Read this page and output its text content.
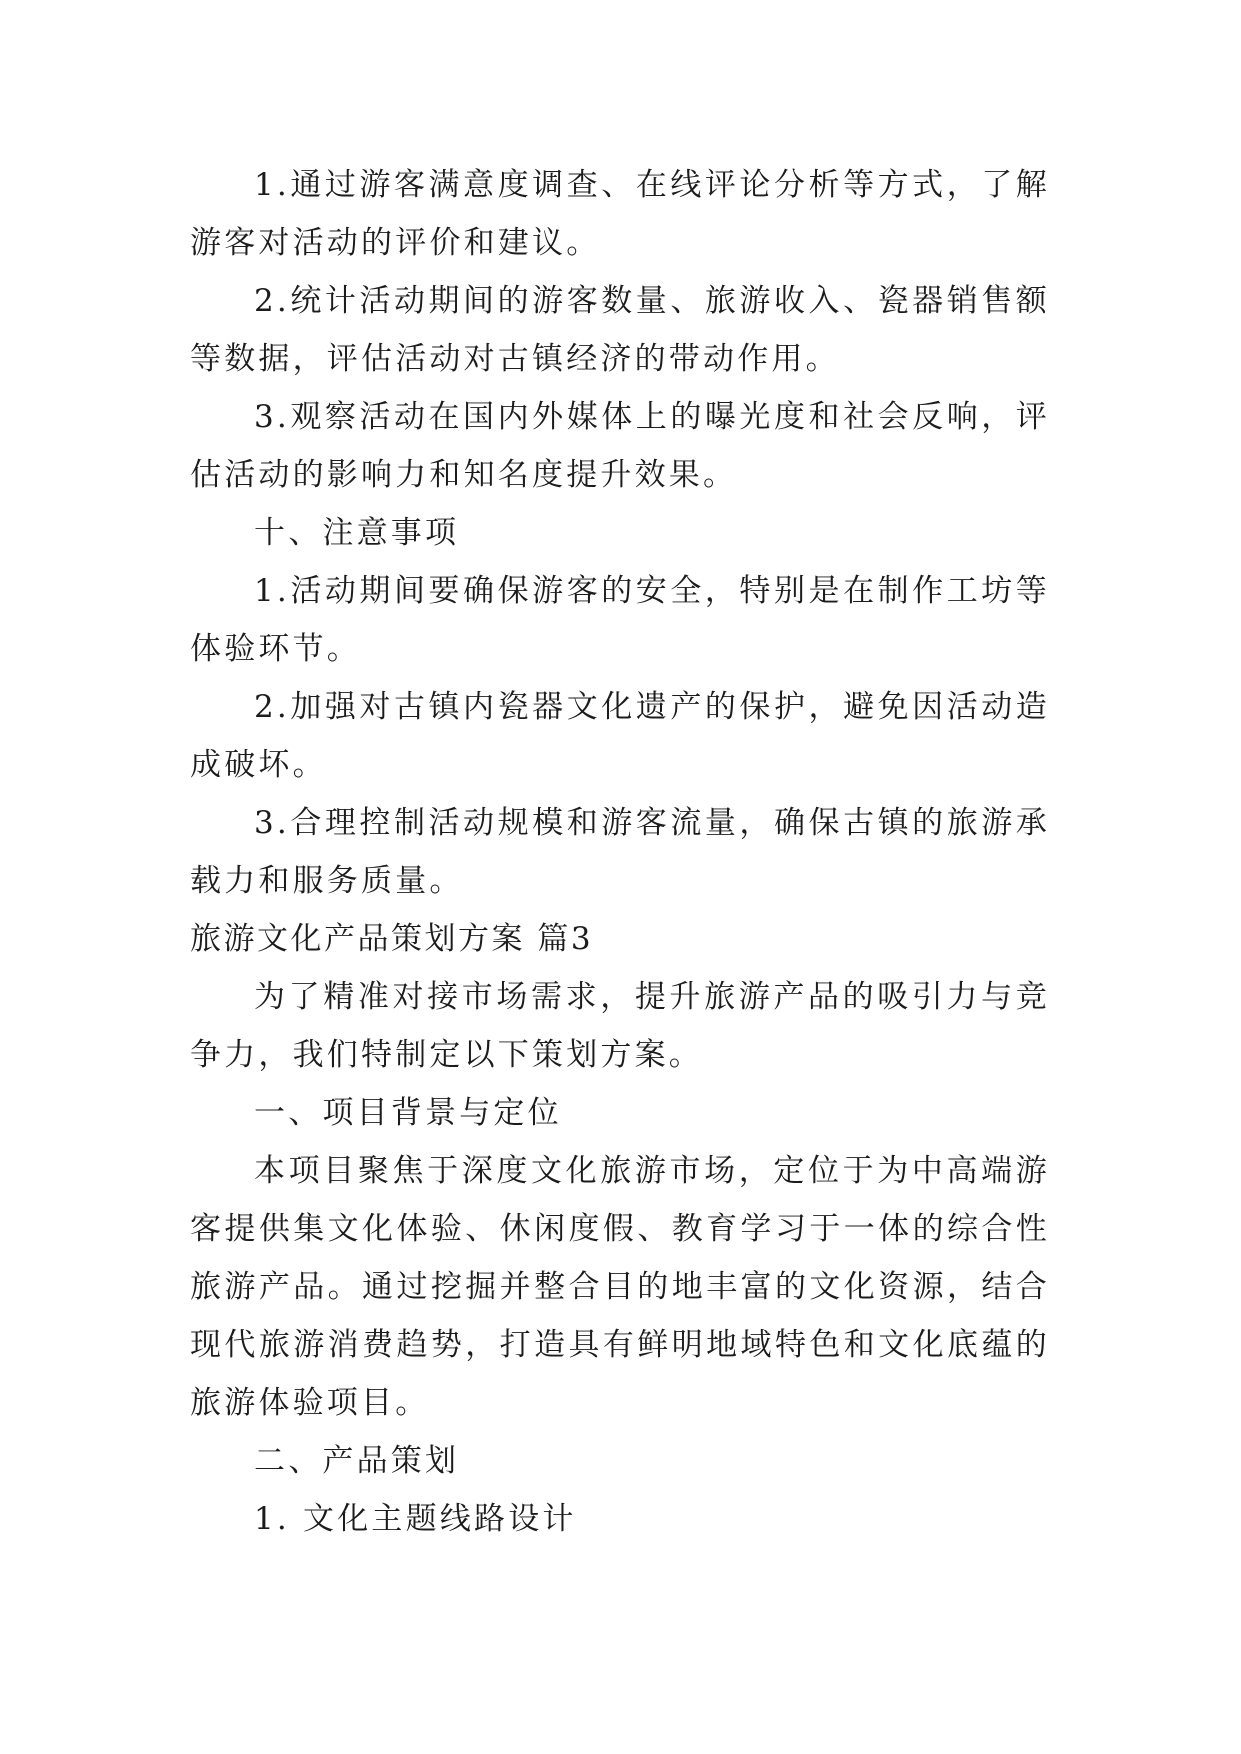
1.通过游客满意度调查、在线评论分析等方式，了解游客对活动的评价和建议。

2.统计活动期间的游客数量、旅游收入、瓷器销售额等数据，评估活动对古镇经济的带动作用。

3.观察活动在国内外媒体上的曝光度和社会反响，评估活动的影响力和知名度提升效果。

十、注意事项

1.活动期间要确保游客的安全，特别是在制作工坊等体验环节。

2.加强对古镇内瓷器文化遗产的保护，避免因活动造成破坏。

3.合理控制活动规模和游客流量，确保古镇的旅游承载力和服务质量。

旅游文化产品策划方案 篇3

为了精准对接市场需求，提升旅游产品的吸引力与竞争力，我们特制定以下策划方案。

一、项目背景与定位

本项目聚焦于深度文化旅游市场，定位于为中高端游客提供集文化体验、休闲度假、教育学习于一体的综合性旅游产品。通过挖掘并整合目的地丰富的文化资源，结合现代旅游消费趋势，打造具有鲜明地域特色和文化底蕴的旅游体验项目。

二、产品策划

1. 文化主题线路设计
